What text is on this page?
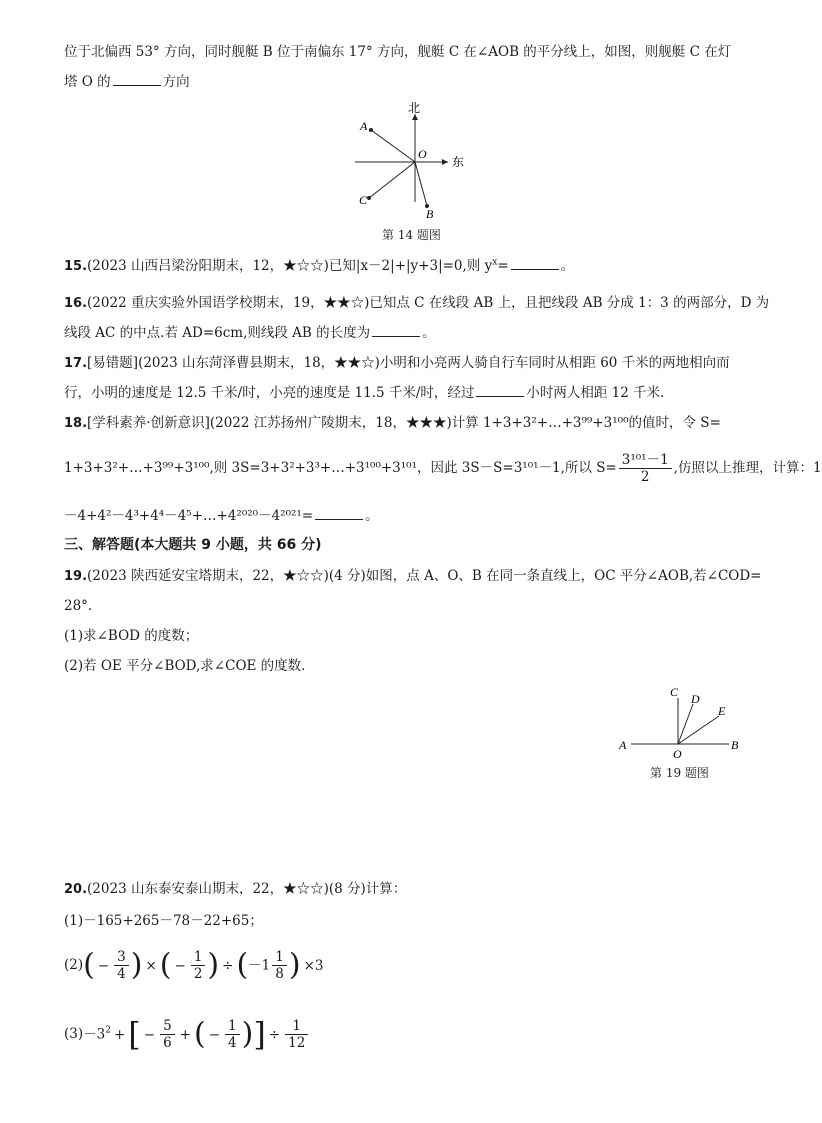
位于北偏西 53° 方向，同时舰艇 B 位于南偏东 17° 方向，舰艇 C 在∠AOB 的平分线上，如图，则舰艇 C 在灯
塔 O 的	方向
北
东
A
B
C
O
第 14 题图
15.(2023 山西吕梁汾阳期末，12，★☆☆)已知|x－2|+|y+3|=0,则 $y^x=$	。
16.(2022 重庆实验外国语学校期末，19，★★☆)已知点 C 在线段 AB 上，且把线段 AB 分成 1：3 的两部分，D 为
线段 AC 的中点.若 AD=6cm,则线段 AB 的长度为	。
17.[易错题](2023 山东菏泽曹县期末，18，★★☆)小明和小亮两人骑自行车同时从相距 60 千米的两地相向而
行，小明的速度是 12.5 千米/时，小亮的速度是 11.5 千米/时，经过	小时两人相距 12 千米.
18.[学科素养·创新意识](2022 江苏扬州广陵期末，18，★★★)计算 1+3+3²+…+3⁹⁹+3¹⁰⁰的值时，令 S=
1+3+3²+…+3⁹⁹+3¹⁰⁰,则 3S=3+3²+3³+…+3¹⁰⁰+3¹⁰¹，因此 3S－S=3¹⁰¹－1,所以 $S= \frac{\text{3¹⁰¹－1}}{2}$ ,仿照以上推理，计算：1
－4+4²－4³+4⁴－4⁵+…+4²⁰²⁰－4²⁰²¹=	。
三、解答题(本大题共 9 小题，共 66 分)
19.(2023 陕西延安宝塔期末，22，★☆☆)(4 分)如图，点 A、O、B 在同一条直线上，OC 平分∠AOB,若∠COD=
28°.
(1)求∠BOD 的度数；
(2)若 OE 平分∠BOD,求∠COE 的度数.
A	B
C D
E
O
第 19 题图
20.(2023 山东泰安泰山期末，22，★☆☆)(8 分)计算：
(1)－165+265－78－22+65；
$(2)( - \frac{3}{4}$ ) × ( − $\frac{1}{2}$ ) ÷ ($-1 \frac{1}{8}$ ) ×3
$(3)-3^2$ +[ − $\frac{5}{6}$ + ( − $\frac{1}{4}$ )] ÷ $\frac{1}{12}$
